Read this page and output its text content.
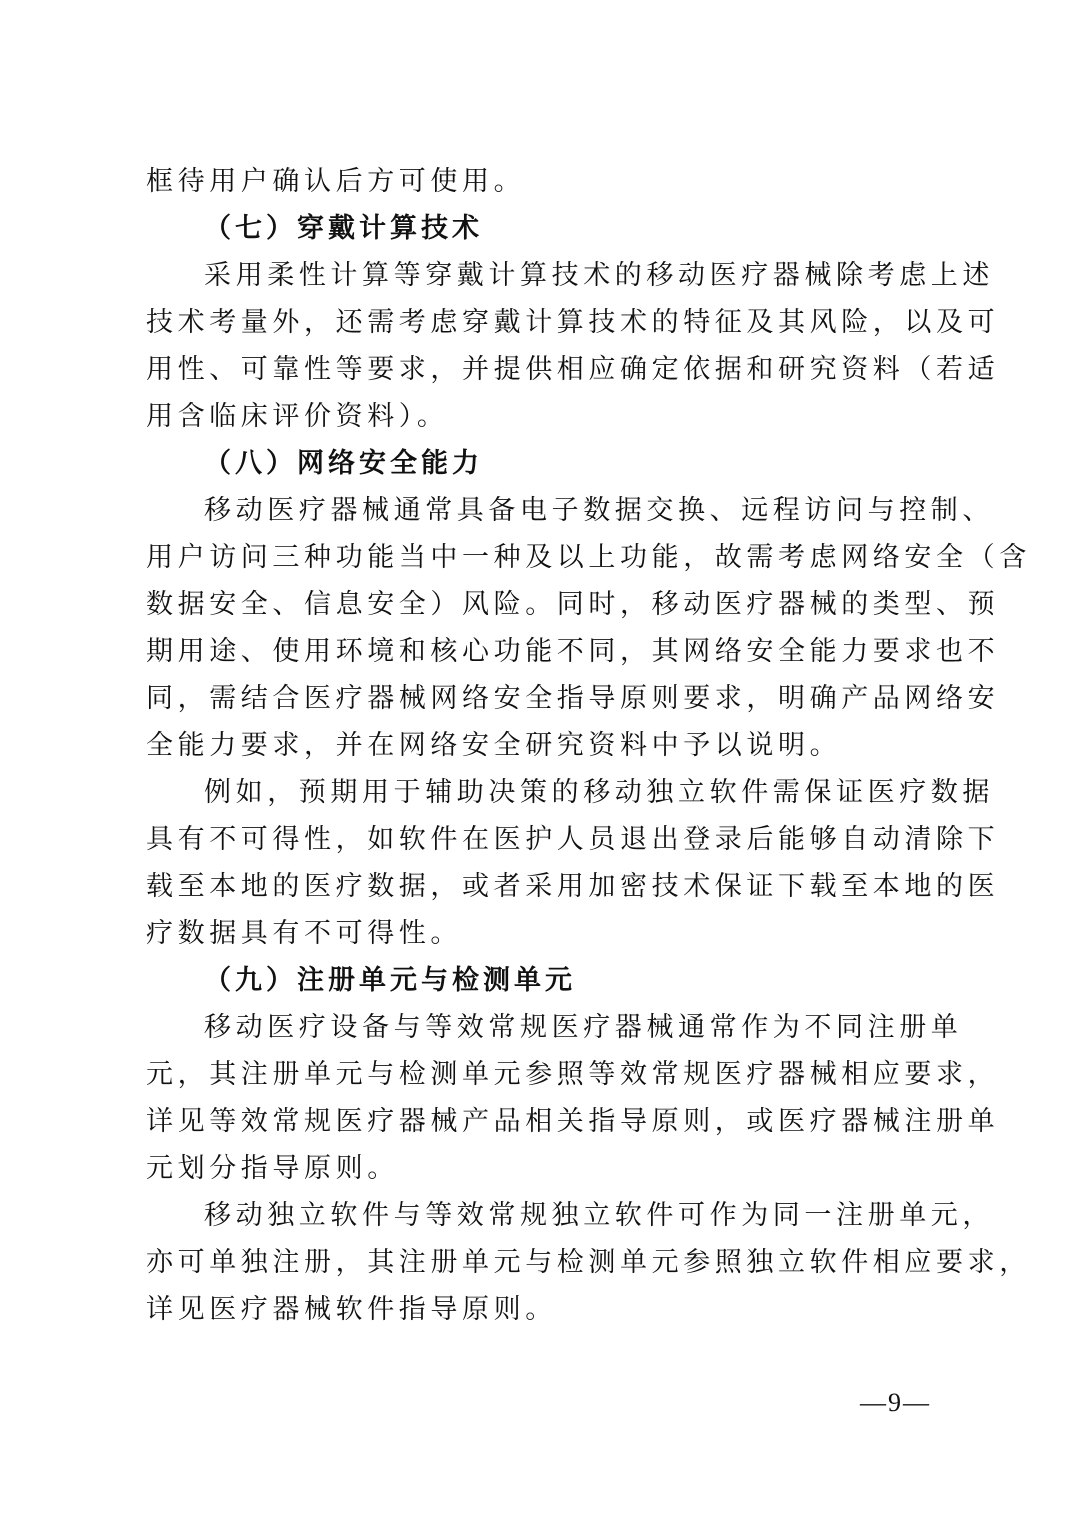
框待用户确认后方可使用。
（七）穿戴计算技术
采用柔性计算等穿戴计算技术的移动医疗器械除考虑上述
技术考量外，还需考虑穿戴计算技术的特征及其风险，以及可
用性、可靠性等要求，并提供相应确定依据和研究资料（若适
用含临床评价资料）。
（八）网络安全能力
移动医疗器械通常具备电子数据交换、远程访问与控制、
用户访问三种功能当中一种及以上功能，故需考虑网络安全（含
数据安全、信息安全）风险。同时，移动医疗器械的类型、预
期用途、使用环境和核心功能不同，其网络安全能力要求也不
同，需结合医疗器械网络安全指导原则要求，明确产品网络安
全能力要求，并在网络安全研究资料中予以说明。
例如，预期用于辅助决策的移动独立软件需保证医疗数据
具有不可得性，如软件在医护人员退出登录后能够自动清除下
载至本地的医疗数据，或者采用加密技术保证下载至本地的医
疗数据具有不可得性。
（九）注册单元与检测单元
移动医疗设备与等效常规医疗器械通常作为不同注册单
元，其注册单元与检测单元参照等效常规医疗器械相应要求，
详见等效常规医疗器械产品相关指导原则，或医疗器械注册单
元划分指导原则。
移动独立软件与等效常规独立软件可作为同一注册单元，
亦可单独注册，其注册单元与检测单元参照独立软件相应要求，
详见医疗器械软件指导原则。
—9—
